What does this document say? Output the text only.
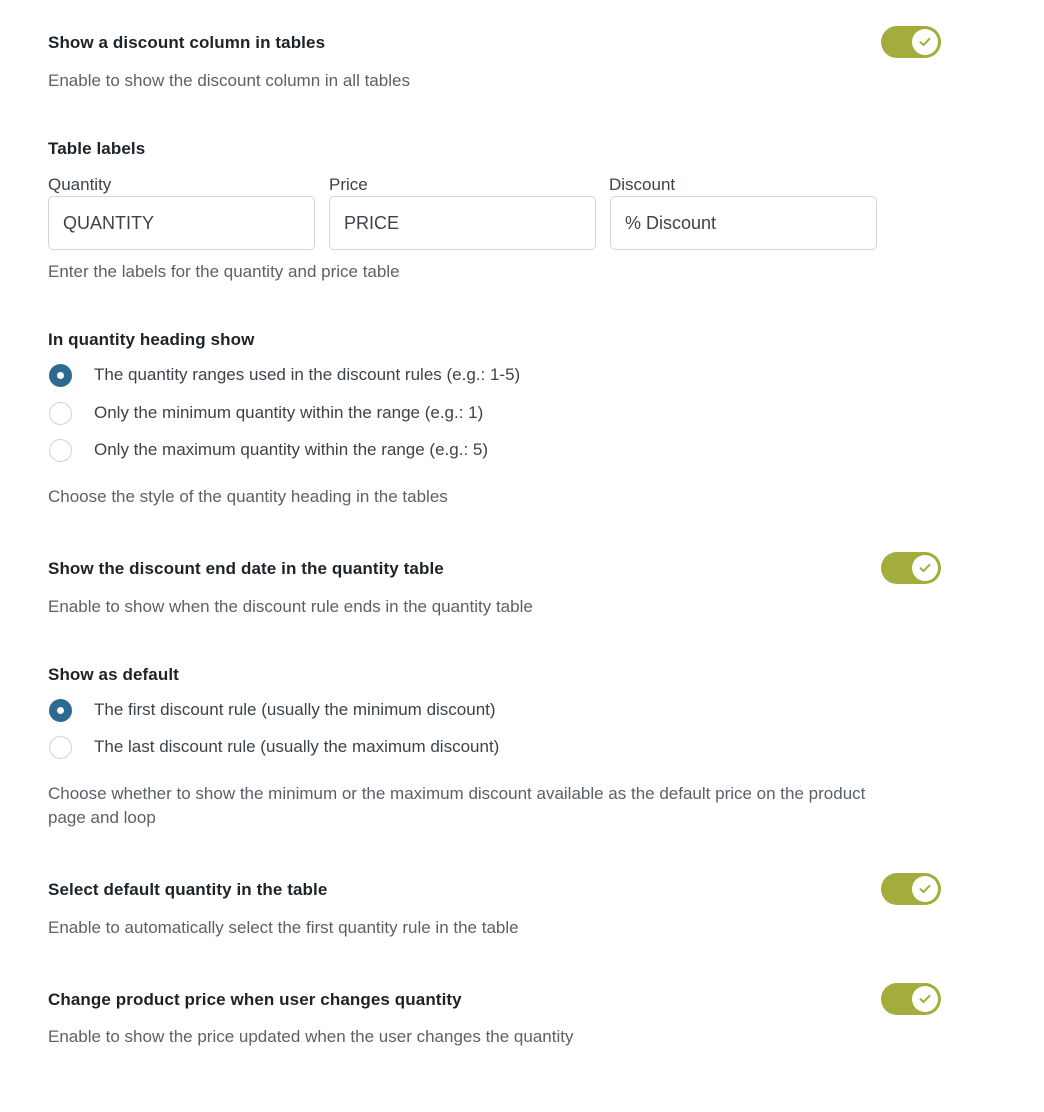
Show a discount column in tables
Enable to show the discount column in all tables
Table labels
Quantity	Price	Discount
QUANTITY
PRICE
% Discount
Enter the labels for the quantity and price table
In quantity heading show
The quantity ranges used in the discount rules (e.g.: 1-5)
Only the minimum quantity within the range (e.g.: 1)
Only the maximum quantity within the range (e.g.: 5)
Choose the style of the quantity heading in the tables
Show the discount end date in the quantity table
Enable to show when the discount rule ends in the quantity table
Show as default
The first discount rule (usually the minimum discount)
The last discount rule (usually the maximum discount)
Choose whether to show the minimum or the maximum discount available as the default price on the product
page and loop
Select default quantity in the table
Enable to automatically select the first quantity rule in the table
Change product price when user changes quantity
Enable to show the price updated when the user changes the quantity
